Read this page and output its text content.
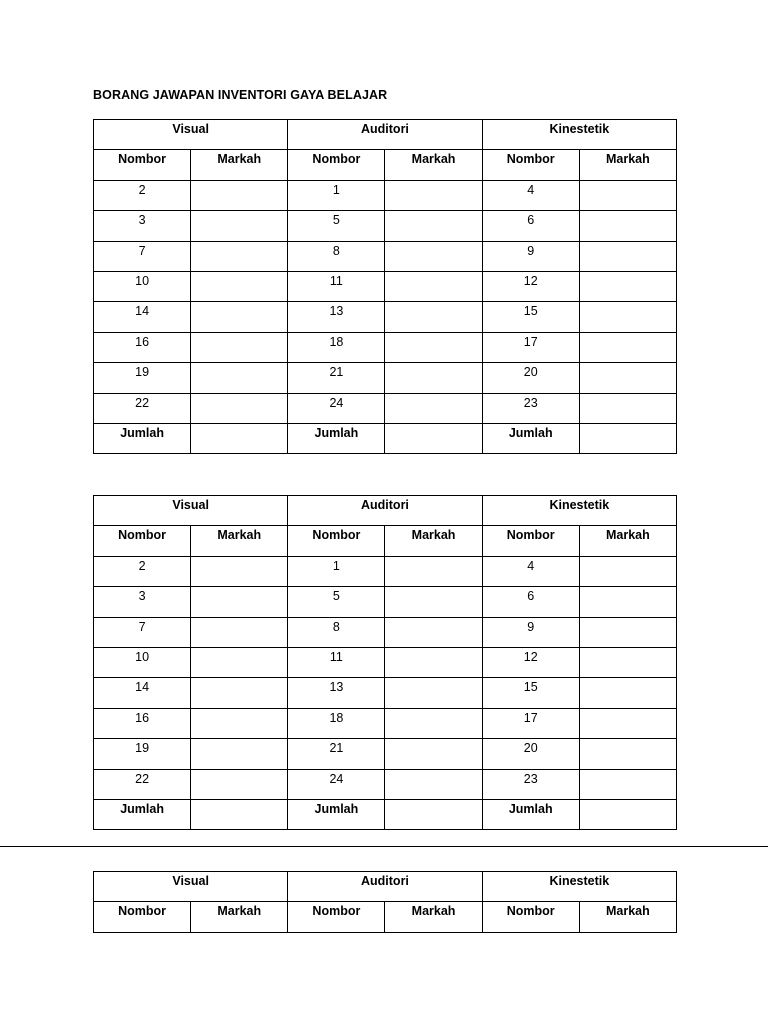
BORANG JAWAPAN INVENTORI GAYA BELAJAR
Visual		Auditori		Kinestetik	
Nombor	Markah	Nombor	Markah	Nombor	Markah
2		1		4	
3		5		6	
7		8		9	
10		11		12	
14		13		15	
16		18		17	
19		21		20	
22		24		23	
Jumlah		Jumlah		Jumlah	
Visual		Auditori		Kinestetik	
Nombor	Markah	Nombor	Markah	Nombor	Markah
2		1		4	
3		5		6	
7		8		9	
10		11		12	
14		13		15	
16		18		17	
19		21		20	
22		24		23	
Jumlah		Jumlah		Jumlah	
Visual		Auditori		Kinestetik	
Nombor	Markah	Nombor	Markah	Nombor	Markah
